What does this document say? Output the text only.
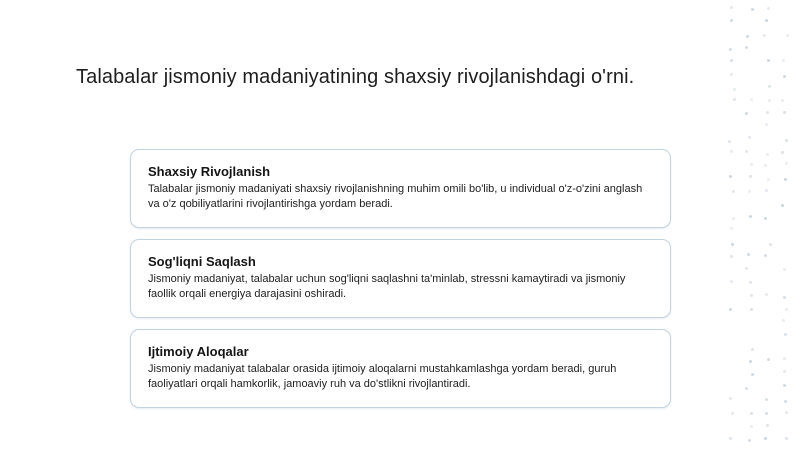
Talabalar jismoniy madaniyatining shaxsiy rivojlanishdagi o'rni.
Shaxsiy Rivojlanish
Talabalar jismoniy madaniyati shaxsiy rivojlanishning muhim omili bo'lib, u individual o'z-o'zini anglash va o'z qobiliyatlarini rivojlantirishga yordam beradi.
Sog'liqni Saqlash
Jismoniy madaniyat, talabalar uchun sog'liqni saqlashni ta'minlab, stressni kamaytiradi va jismoniy faollik orqali energiya darajasini oshiradi.
Ijtimoiy Aloqalar
Jismoniy madaniyat talabalar orasida ijtimoiy aloqalarni mustahkamlashga yordam beradi, guruh faoliyatlari orqali hamkorlik, jamoaviy ruh va do'stlikni rivojlantiradi.
